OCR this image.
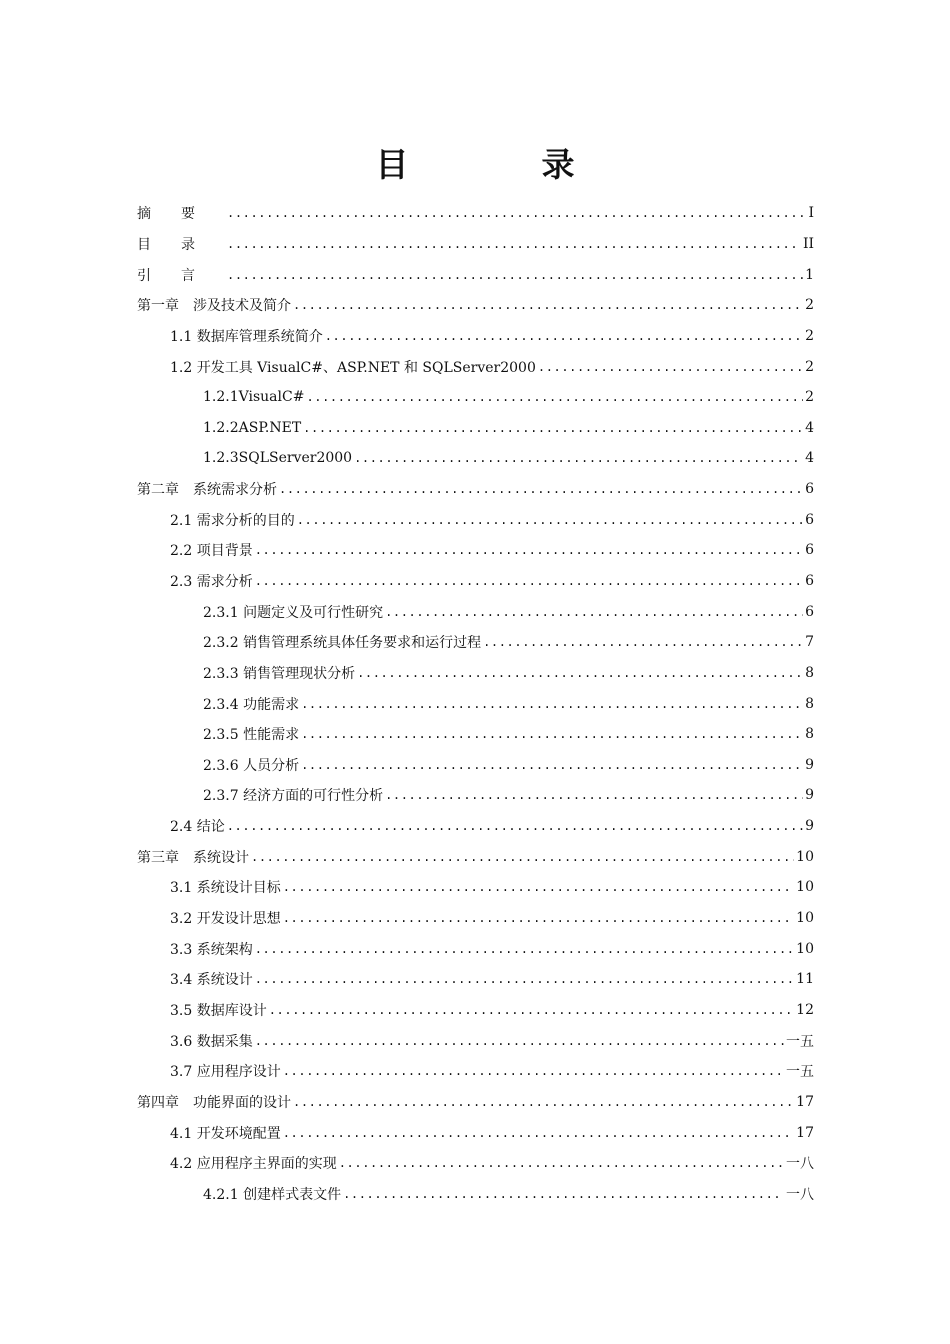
目　录
摘要 .....	I
目录 .....	II
引言 .....	1
第一章　涉及技术及简介 .....	2
1.1 数据库管理系统简介 .....	2
1.2 开发工具 VisualC#、ASP.NET 和 SQLServer2000 .....	2
1.2.1VisualC# .....	2
1.2.2ASP.NET .....	4
1.2.3SQLServer2000 .....	4
第二章　系统需求分析 .....	6
2.1 需求分析的目的 .....	6
2.2 项目背景 .....	6
2.3 需求分析 .....	6
2.3.1 问题定义及可行性研究 .....	6
2.3.2 销售管理系统具体任务要求和运行过程 .....	7
2.3.3 销售管理现状分析 .....	8
2.3.4 功能需求 .....	8
2.3.5 性能需求 .....	8
2.3.6 人员分析 .....	9
2.3.7 经济方面的可行性分析 .....	9
2.4 结论 .....	9
第三章　系统设计 .....	10
3.1 系统设计目标 .....	10
3.2 开发设计思想 .....	10
3.3 系统架构 .....	10
3.4 系统设计 .....	11
3.5 数据库设计 .....	12
3.6 数据采集 .....	一五
3.7 应用程序设计 .....	一五
第四章　功能界面的设计 .....	17
4.1 开发环境配置 .....	17
4.2 应用程序主界面的实现 .....	一八
4.2.1 创建样式表文件 .....	一八
